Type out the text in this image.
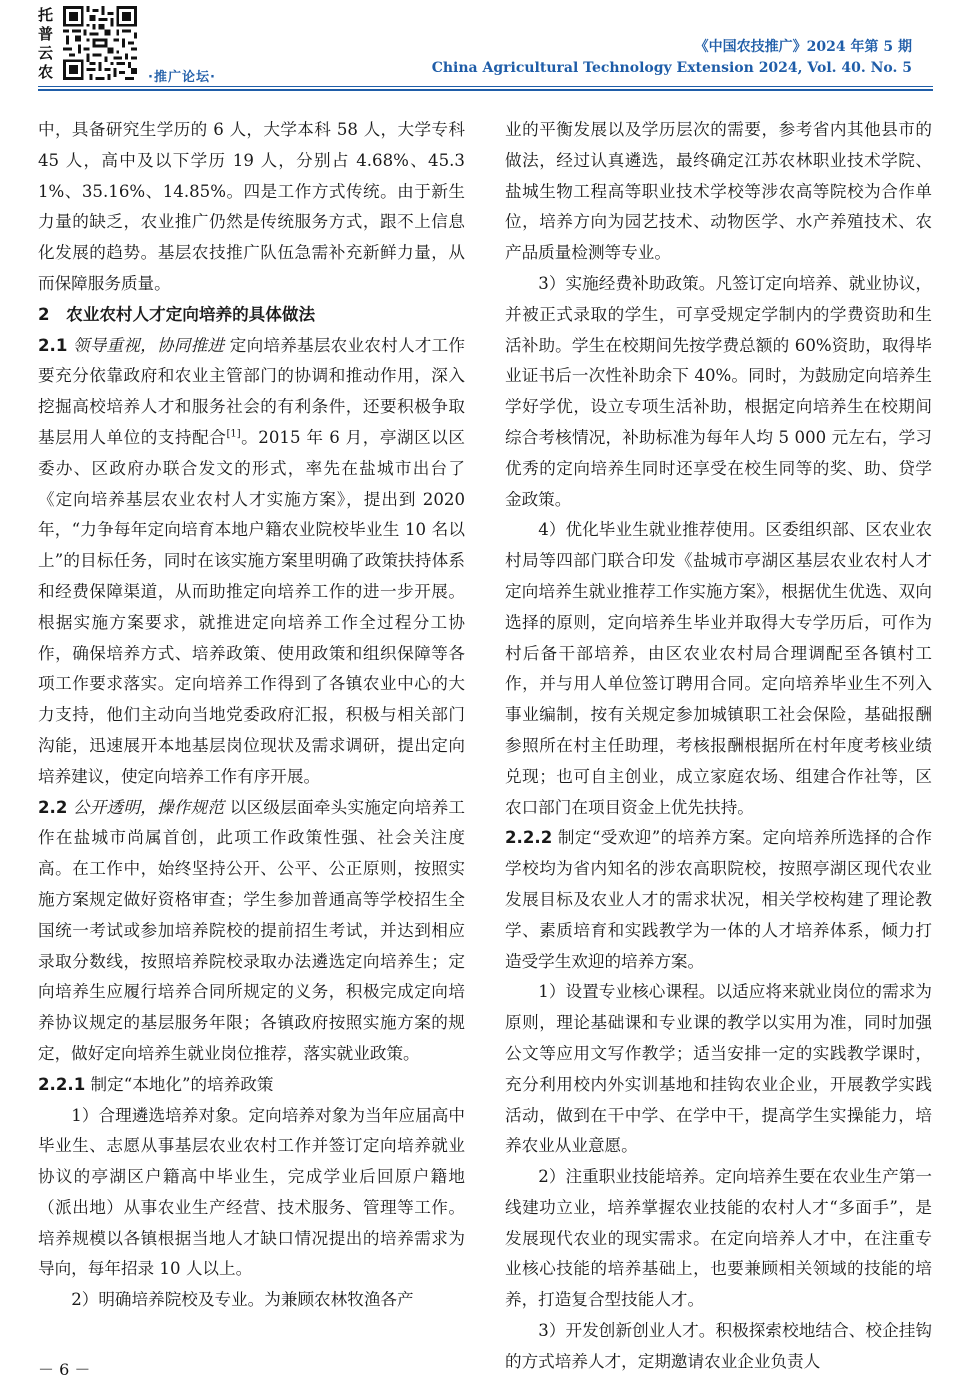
托
普
云
农	·推广论坛·
《中国农技推广》2024 年第 5 期
China Agricultural Technology Extension 2024, Vol. 40. No. 5

中，具备研究生学历的 6 人，大学本科 58 人，大学专科 45 人，高中及以下学历 19 人，分别占 4.68%、45.31%、35.16%、14.85%。四是工作方式传统。由于新生力量的缺乏，农业推广仍然是传统服务方式，跟不上信息化发展的趋势。基层农技推广队伍急需补充新鲜力量，从而保障服务质量。

2　农业农村人才定向培养的具体做法

2.1 领导重视，协同推进 定向培养基层农业农村人才工作要充分依靠政府和农业主管部门的协调和推动作用，深入挖掘高校培养人才和服务社会的有利条件，还要积极争取基层用人单位的支持配合[1]。2015 年 6 月，亭湖区以区委办、区政府办联合发文的形式，率先在盐城市出台了《定向培养基层农业农村人才实施方案》，提出到 2020 年，“力争每年定向培育本地户籍农业院校毕业生 10 名以上”的目标任务，同时在该实施方案里明确了政策扶持体系和经费保障渠道，从而助推定向培养工作的进一步开展。根据实施方案要求，就推进定向培养工作全过程分工协作，确保培养方式、培养政策、使用政策和组织保障等各项工作要求落实。定向培养工作得到了各镇农业中心的大力支持，他们主动向当地党委政府汇报，积极与相关部门沟能，迅速展开本地基层岗位现状及需求调研，提出定向培养建议，使定向培养工作有序开展。

2.2 公开透明，操作规范 以区级层面牵头实施定向培养工作在盐城市尚属首创，此项工作政策性强、社会关注度高。在工作中，始终坚持公开、公平、公正原则，按照实施方案规定做好资格审查；学生参加普通高等学校招生全国统一考试或参加培养院校的提前招生考试，并达到相应录取分数线，按照培养院校录取办法遴选定向培养生；定向培养生应履行培养合同所规定的义务，积极完成定向培养协议规定的基层服务年限；各镇政府按照实施方案的规定，做好定向培养生就业岗位推荐，落实就业政策。

2.2.1 制定“本地化”的培养政策

1）合理遴选培养对象。定向培养对象为当年应届高中毕业生、志愿从事基层农业农村工作并签订定向培养就业协议的亭湖区户籍高中毕业生，完成学业后回原户籍地（派出地）从事农业生产经营、技术服务、管理等工作。培养规模以各镇根据当地人才缺口情况提出的培养需求为导向，每年招录 10 人以上。

2）明确培养院校及专业。为兼顾农林牧渔各产

业的平衡发展以及学历层次的需要，参考省内其他县市的做法，经过认真遴选，最终确定江苏农林职业技术学院、盐城生物工程高等职业技术学校等涉农高等院校为合作单位，培养方向为园艺技术、动物医学、水产养殖技术、农产品质量检测等专业。

3）实施经费补助政策。凡签订定向培养、就业协议，并被正式录取的学生，可享受规定学制内的学费资助和生活补助。学生在校期间先按学费总额的 60%资助，取得毕业证书后一次性补助余下 40%。同时，为鼓励定向培养生学好学优，设立专项生活补助，根据定向培养生在校期间综合考核情况，补助标准为每年人均 5 000 元左右，学习优秀的定向培养生同时还享受在校生同等的奖、助、贷学金政策。

4）优化毕业生就业推荐使用。区委组织部、区农业农村局等四部门联合印发《盐城市亭湖区基层农业农村人才定向培养生就业推荐工作实施方案》，根据优生优选、双向选择的原则，定向培养生毕业并取得大专学历后，可作为村后备干部培养，由区农业农村局合理调配至各镇村工作，并与用人单位签订聘用合同。定向培养毕业生不列入事业编制，按有关规定参加城镇职工社会保险，基础报酬参照所在村主任助理，考核报酬根据所在村年度考核业绩兑现；也可自主创业，成立家庭农场、组建合作社等，区农口部门在项目资金上优先扶持。

2.2.2 制定“受欢迎”的培养方案。定向培养所选择的合作学校均为省内知名的涉农高职院校，按照亭湖区现代农业发展目标及农业人才的需求状况，相关学校构建了理论教学、素质培育和实践教学为一体的人才培养体系，倾力打造受学生欢迎的培养方案。

1）设置专业核心课程。以适应将来就业岗位的需求为原则，理论基础课和专业课的教学以实用为准，同时加强公文等应用文写作教学；适当安排一定的实践教学课时，充分利用校内外实训基地和挂钩农业企业，开展教学实践活动，做到在干中学、在学中干，提高学生实操能力，培养农业从业意愿。

2）注重职业技能培养。定向培养生要在农业生产第一线建功立业，培养掌握农业技能的农村人才“多面手”，是发展现代农业的现实需求。在定向培养人才中，在注重专业核心技能的培养基础上，也要兼顾相关领域的技能的培养，打造复合型技能人才。

3）开发创新创业人才。积极探索校地结合、校企挂钩的方式培养人才，定期邀请农业企业负责人

－ 6 －
